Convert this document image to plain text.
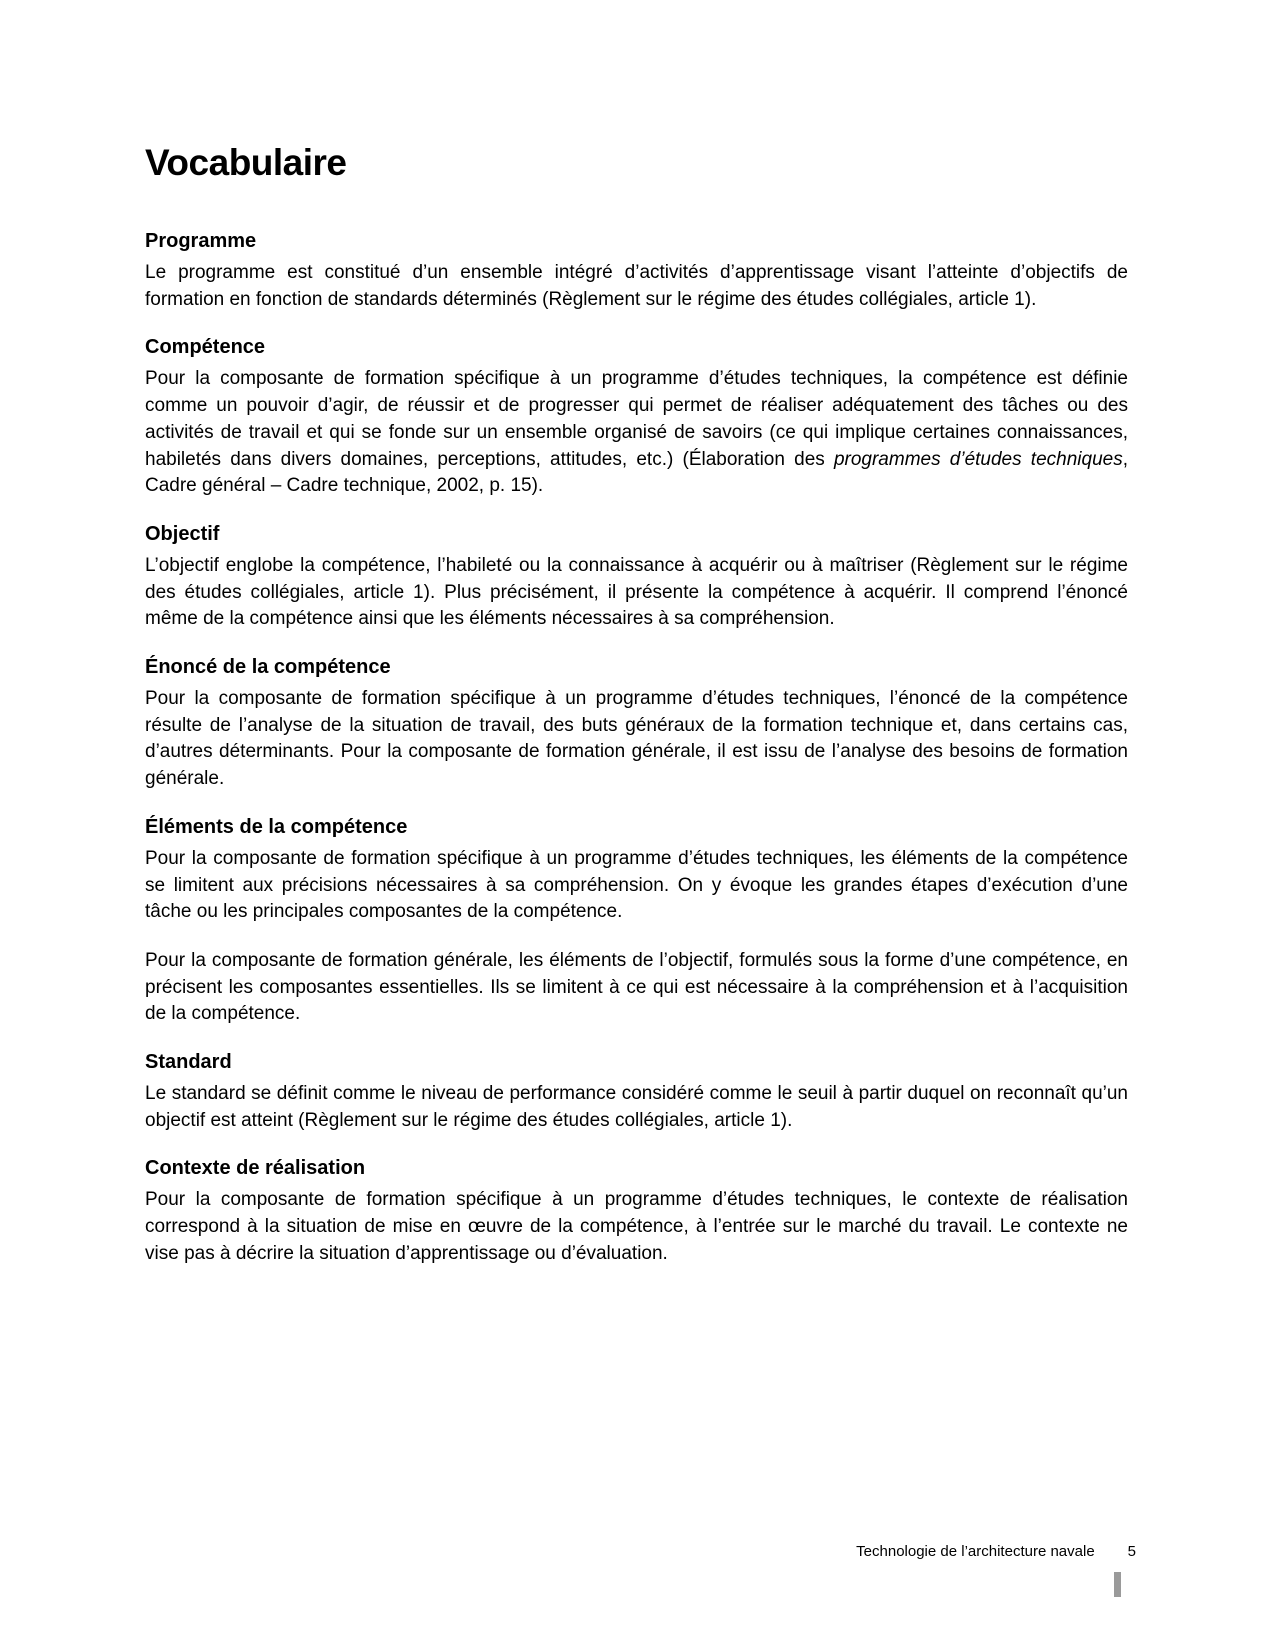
Vocabulaire
Programme

Le programme est constitué d’un ensemble intégré d’activités d’apprentissage visant l’atteinte d’objectifs de formation en fonction de standards déterminés (Règlement sur le régime des études collégiales, article 1).

Compétence

Pour la composante de formation spécifique à un programme d’études techniques, la compétence est définie comme un pouvoir d’agir, de réussir et de progresser qui permet de réaliser adéquatement des tâches ou des activités de travail et qui se fonde sur un ensemble organisé de savoirs (ce qui implique certaines connaissances, habiletés dans divers domaines, perceptions, attitudes, etc.) (Élaboration des programmes d’études techniques, Cadre général – Cadre technique, 2002, p. 15).

Objectif

L’objectif englobe la compétence, l’habileté ou la connaissance à acquérir ou à maîtriser (Règlement sur le régime des études collégiales, article 1). Plus précisément, il présente la compétence à acquérir. Il comprend l’énoncé même de la compétence ainsi que les éléments nécessaires à sa compréhension.

Énoncé de la compétence

Pour la composante de formation spécifique à un programme d’études techniques, l’énoncé de la compétence résulte de l’analyse de la situation de travail, des buts généraux de la formation technique et, dans certains cas, d’autres déterminants. Pour la composante de formation générale, il est issu de l’analyse des besoins de formation générale.

Éléments de la compétence

Pour la composante de formation spécifique à un programme d’études techniques, les éléments de la compétence se limitent aux précisions nécessaires à sa compréhension. On y évoque les grandes étapes d’exécution d’une tâche ou les principales composantes de la compétence.

Pour la composante de formation générale, les éléments de l’objectif, formulés sous la forme d’une compétence, en précisent les composantes essentielles. Ils se limitent à ce qui est nécessaire à la compréhension et à l’acquisition de la compétence.

Standard

Le standard se définit comme le niveau de performance considéré comme le seuil à partir duquel on reconnaît qu’un objectif est atteint (Règlement sur le régime des études collégiales, article 1).

Contexte de réalisation

Pour la composante de formation spécifique à un programme d’études techniques, le contexte de réalisation correspond à la situation de mise en œuvre de la compétence, à l’entrée sur le marché du travail. Le contexte ne vise pas à décrire la situation d’apprentissage ou d’évaluation.

Technologie de l’architecture navale 5
